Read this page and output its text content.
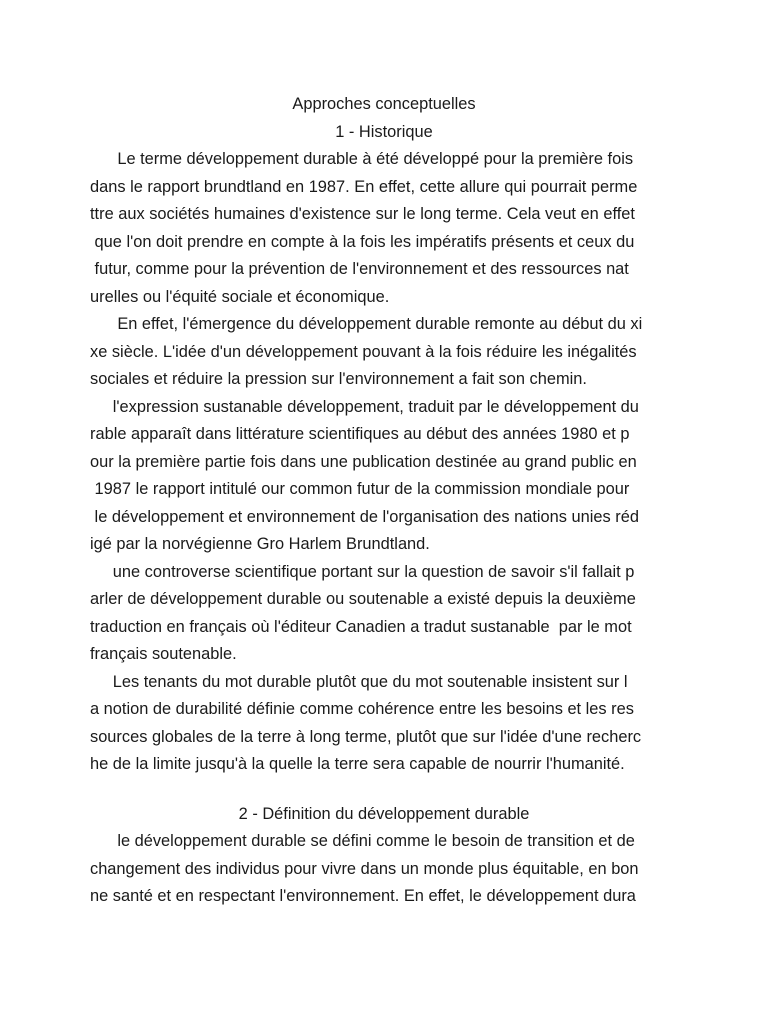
Approches conceptuelles
1 - Historique
Le terme développement durable à été développé pour la première fois
dans le rapport brundtland en 1987. En effet, cette allure qui pourrait perme
ttre aux sociétés humaines d'existence sur le long terme. Cela veut en effet
que l'on doit prendre en compte à la fois les impératifs présents et ceux du
futur, comme pour la prévention de l'environnement et des ressources nat
urelles ou l'équité sociale et économique.
En effet, l'émergence du développement durable remonte au début du xi
xe siècle. L'idée d'un développement pouvant à la fois réduire les inégalités
sociales et réduire la pression sur l'environnement a fait son chemin.
l'expression sustanable développement, traduit par le développement du
rable apparaît dans littérature scientifiques au début des années 1980 et p
our la première partie fois dans une publication destinée au grand public en
1987 le rapport intitulé our common futur de la commission mondiale pour
le développement et environnement de l'organisation des nations unies réd
igé par la norvégienne Gro Harlem Brundtland.
une controverse scientifique portant sur la question de savoir s'il fallait p
arler de développement durable ou soutenable a existé depuis la deuxième
traduction en français où l'éditeur Canadien a tradut sustanable  par le mot
français soutenable.
Les tenants du mot durable plutôt que du mot soutenable insistent sur l
a notion de durabilité définie comme cohérence entre les besoins et les res
sources globales de la terre à long terme, plutôt que sur l'idée d'une recherc
he de la limite jusqu'à la quelle la terre sera capable de nourrir l'humanité.
2 - Définition du développement durable
le développement durable se défini comme le besoin de transition et de
changement des individus pour vivre dans un monde plus équitable, en bon
ne santé et en respectant l'environnement. En effet, le développement dura
